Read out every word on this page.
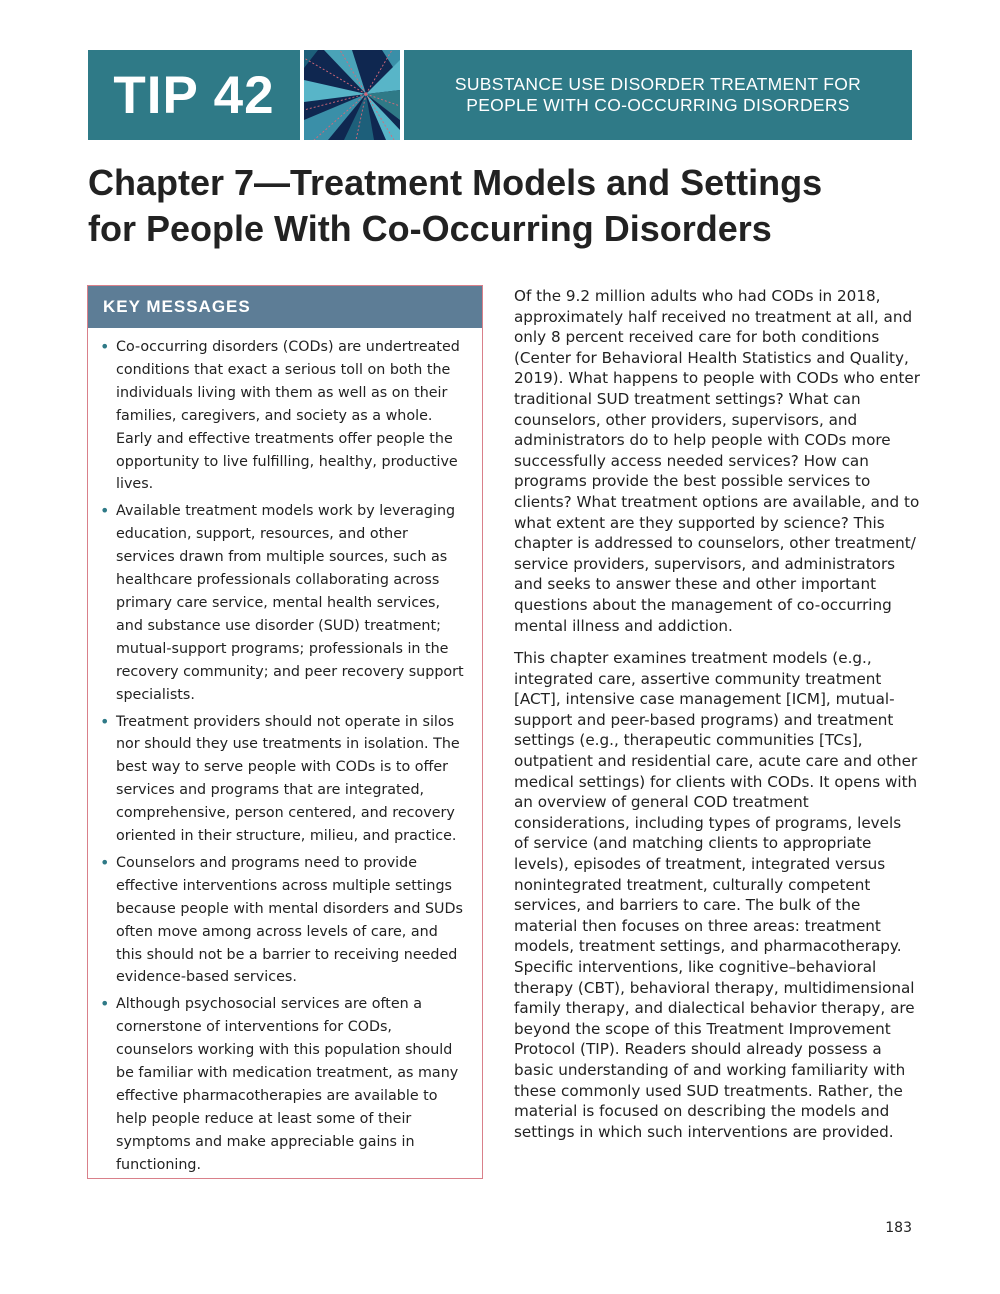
TIP 42	SUBSTANCE USE DISORDER TREATMENT FOR
PEOPLE WITH CO-OCCURRING DISORDERS
Chapter 7—Treatment Models and Settings
for People With Co-Occurring Disorders
KEY MESSAGES
• Co-occurring disorders (CODs) are undertreated conditions that exact a serious toll on both the individuals living with them as well as on their families, caregivers, and society as a whole. Early and effective treatments offer people the opportunity to live fulfilling, healthy, productive lives.
• Available treatment models work by leveraging education, support, resources, and other services drawn from multiple sources, such as healthcare professionals collaborating across primary care service, mental health services, and substance use disorder (SUD) treatment; mutual-support programs; professionals in the recovery community; and peer recovery support specialists.
• Treatment providers should not operate in silos nor should they use treatments in isolation. The best way to serve people with CODs is to offer services and programs that are integrated, comprehensive, person centered, and recovery oriented in their structure, milieu, and practice.
• Counselors and programs need to provide effective interventions across multiple settings because people with mental disorders and SUDs often move among across levels of care, and this should not be a barrier to receiving needed evidence-based services.
• Although psychosocial services are often a cornerstone of interventions for CODs, counselors working with this population should be familiar with medication treatment, as many effective pharmacotherapies are available to help people reduce at least some of their symptoms and make appreciable gains in functioning.

Of the 9.2 million adults who had CODs in 2018, approximately half received no treatment at all, and only 8 percent received care for both conditions (Center for Behavioral Health Statistics and Quality, 2019). What happens to people with CODs who enter traditional SUD treatment settings? What can counselors, other providers, supervisors, and administrators do to help people with CODs more successfully access needed services? How can programs provide the best possible services to clients? What treatment options are available, and to what extent are they supported by science? This chapter is addressed to counselors, other treatment/ service providers, supervisors, and administrators and seeks to answer these and other important questions about the management of co-occurring mental illness and addiction.

This chapter examines treatment models (e.g., integrated care, assertive community treatment [ACT], intensive case management [ICM], mutual-support and peer-based programs) and treatment settings (e.g., therapeutic communities [TCs], outpatient and residential care, acute care and other medical settings) for clients with CODs. It opens with an overview of general COD treatment considerations, including types of programs, levels of service (and matching clients to appropriate levels), episodes of treatment, integrated versus nonintegrated treatment, culturally competent services, and barriers to care. The bulk of the material then focuses on three areas: treatment models, treatment settings, and pharmacotherapy. Specific interventions, like cognitive–behavioral therapy (CBT), behavioral therapy, multidimensional family therapy, and dialectical behavior therapy, are beyond the scope of this Treatment Improvement Protocol (TIP). Readers should already possess a basic understanding of and working familiarity with these commonly used SUD treatments. Rather, the material is focused on describing the models and settings in which such interventions are provided.

183
